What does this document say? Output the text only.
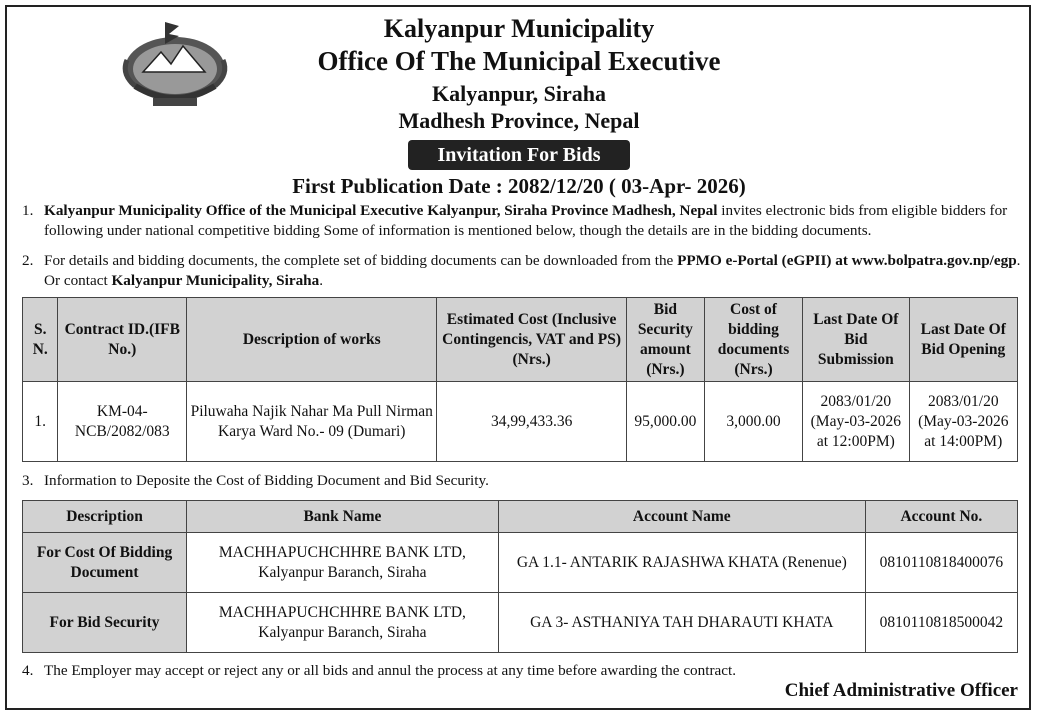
Kalyanpur Municipality
Office Of The Municipal Executive
Kalyanpur, Siraha
Madhesh Province, Nepal
Invitation For Bids
First Publication Date : 2082/12/20 ( 03-Apr- 2026)
1. Kalyanpur Municipality Office of the Municipal Executive Kalyanpur, Siraha Province Madhesh, Nepal invites electronic bids from eligible bidders for following under national competitive bidding Some of information is mentioned below, though the details are in the bidding documents.
2. For details and bidding documents, the complete set of bidding documents can be downloaded from the PPMO e-Portal (eGPII) at www.bolpatra.gov.np/egp. Or contact Kalyanpur Municipality, Siraha.
S. N.	Contract ID.(IFB No.)	Description of works	Estimated Cost (Inclusive Contingencis, VAT and PS) (Nrs.)	Bid Security amount (Nrs.)	Cost of bidding documents (Nrs.)	Last Date Of Bid Submission	Last Date Of Bid Opening
1.	KM-04-NCB/2082/083	Piluwaha Najik Nahar Ma Pull Nirman Karya Ward No.- 09 (Dumari)	34,99,433.36	95,000.00	3,000.00	2083/01/20 (May-03-2026 at 12:00PM)	2083/01/20 (May-03-2026 at 14:00PM)
3. Information to Deposite the Cost of Bidding Document and Bid Security.
Description	Bank Name	Account Name	Account No.
For Cost Of Bidding Document	MACHHAPUCHCHHRE BANK LTD, Kalyanpur Baranch, Siraha	GA 1.1- ANTARIK RAJASHWA KHATA (Renenue)	0810110818400076
For Bid Security	MACHHAPUCHCHHRE BANK LTD, Kalyanpur Baranch, Siraha	GA 3- ASTHANIYA TAH DHARAUTI KHATA	0810110818500042
4. The Employer may accept or reject any or all bids and annul the process at any time before awarding the contract.
Chief Administrative Officer
